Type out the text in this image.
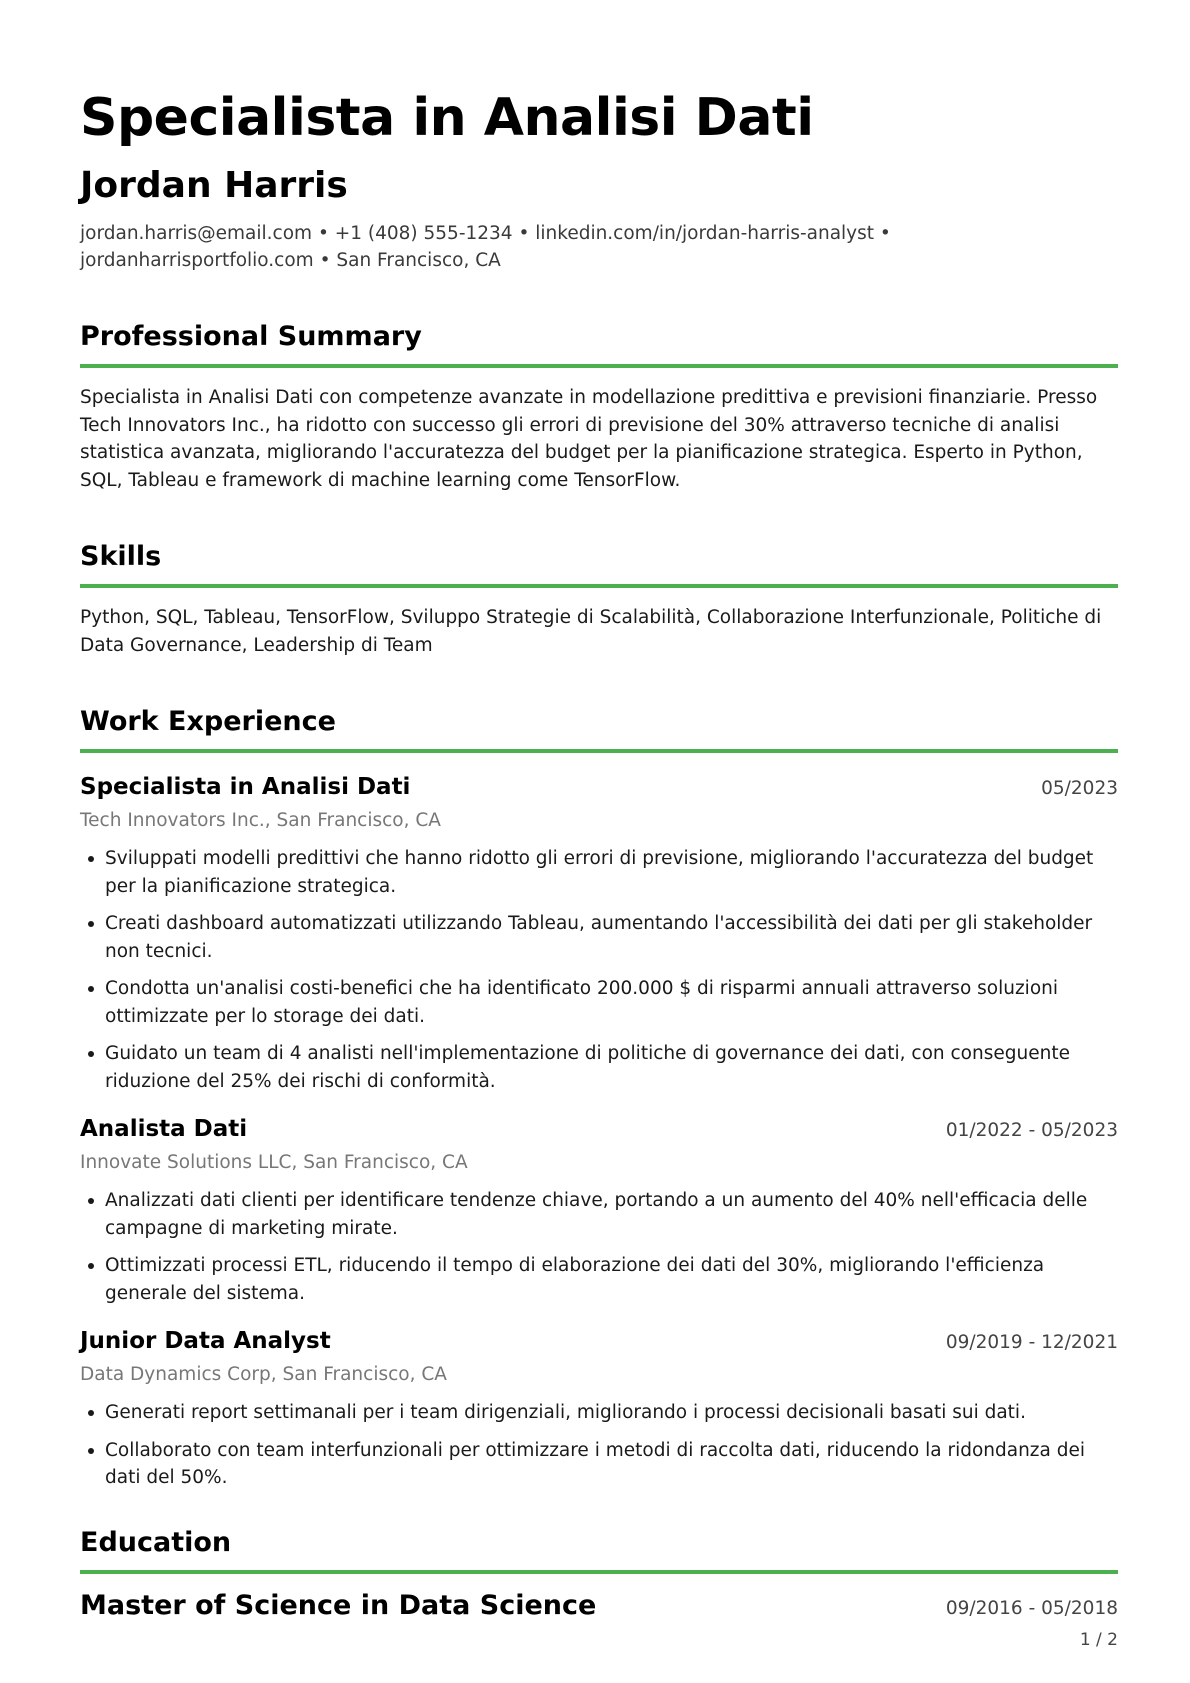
Specialista in Analisi Dati
Jordan Harris

jordan.harris@email.com • +1 (408) 555-1234 • linkedin.com/in/jordan-harris-analyst • jordanharrisportfolio.com • San Francisco, CA

Professional Summary

Specialista in Analisi Dati con competenze avanzate in modellazione predittiva e previsioni finanziarie. Presso Tech Innovators Inc., ha ridotto con successo gli errori di previsione del 30% attraverso tecniche di analisi statistica avanzata, migliorando l'accuratezza del budget per la pianificazione strategica. Esperto in Python, SQL, Tableau e framework di machine learning come TensorFlow.

Skills

Python, SQL, Tableau, TensorFlow, Sviluppo Strategie di Scalabilità, Collaborazione Interfunzionale, Politiche di Data Governance, Leadership di Team

Work Experience
Specialista in Analisi Dati	05/2023
Tech Innovators Inc., San Francisco, CA
Sviluppati modelli predittivi che hanno ridotto gli errori di previsione, migliorando l'accuratezza del budget per la pianificazione strategica.
Creati dashboard automatizzati utilizzando Tableau, aumentando l'accessibilità dei dati per gli stakeholder non tecnici.
Condotta un'analisi costi-benefici che ha identificato 200.000 $ di risparmi annuali attraverso soluzioni ottimizzate per lo storage dei dati.
Guidato un team di 4 analisti nell'implementazione di politiche di governance dei dati, con conseguente riduzione del 25% dei rischi di conformità.
Analista Dati	01/2022 - 05/2023
Innovate Solutions LLC, San Francisco, CA
Analizzati dati clienti per identificare tendenze chiave, portando a un aumento del 40% nell'efficacia delle campagne di marketing mirate.
Ottimizzati processi ETL, riducendo il tempo di elaborazione dei dati del 30%, migliorando l'efficienza generale del sistema.
Junior Data Analyst	09/2019 - 12/2021
Data Dynamics Corp, San Francisco, CA
Generati report settimanali per i team dirigenziali, migliorando i processi decisionali basati sui dati.
Collaborato con team interfunzionali per ottimizzare i metodi di raccolta dati, riducendo la ridondanza dei dati del 50%.
Education
Master of Science in Data Science	09/2016 - 05/2018
1 / 2
